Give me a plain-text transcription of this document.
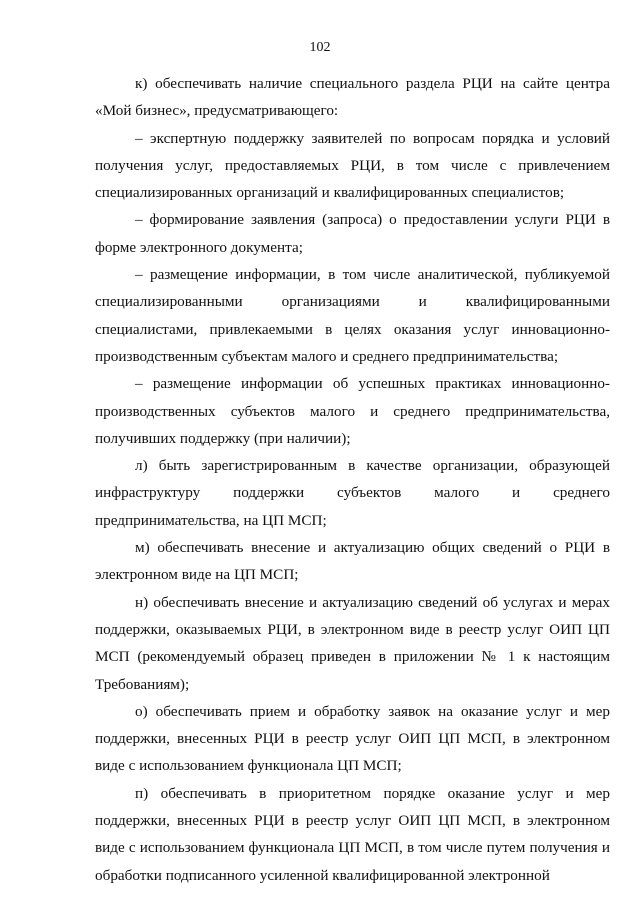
102

к) обеспечивать наличие специального раздела РЦИ на сайте центра «Мой бизнес», предусматривающего:

– экспертную поддержку заявителей по вопросам порядка и условий получения услуг, предоставляемых РЦИ, в том числе с привлечением специализированных организаций и квалифицированных специалистов;

– формирование заявления (запроса) о предоставлении услуги РЦИ в форме электронного документа;

– размещение информации, в том числе аналитической, публикуемой специализированными организациями и квалифицированными специалистами, привлекаемыми в целях оказания услуг инновационно-производственным субъектам малого и среднего предпринимательства;

– размещение информации об успешных практиках инновационно-производственных субъектов малого и среднего предпринимательства, получивших поддержку (при наличии);

л) быть зарегистрированным в качестве организации, образующей инфраструктуру поддержки субъектов малого и среднего предпринимательства, на ЦП МСП;

м) обеспечивать внесение и актуализацию общих сведений о РЦИ в электронном виде на ЦП МСП;

н) обеспечивать внесение и актуализацию сведений об услугах и мерах поддержки, оказываемых РЦИ, в электронном виде в реестр услуг ОИП ЦП МСП (рекомендуемый образец приведен в приложении № 1 к настоящим Требованиям);

о) обеспечивать прием и обработку заявок на оказание услуг и мер поддержки, внесенных РЦИ в реестр услуг ОИП ЦП МСП, в электронном виде с использованием функционала ЦП МСП;

п) обеспечивать в приоритетном порядке оказание услуг и мер поддержки, внесенных РЦИ в реестр услуг ОИП ЦП МСП, в электронном виде с использованием функционала ЦП МСП, в том числе путем получения и обработки подписанного усиленной квалифицированной электронной
